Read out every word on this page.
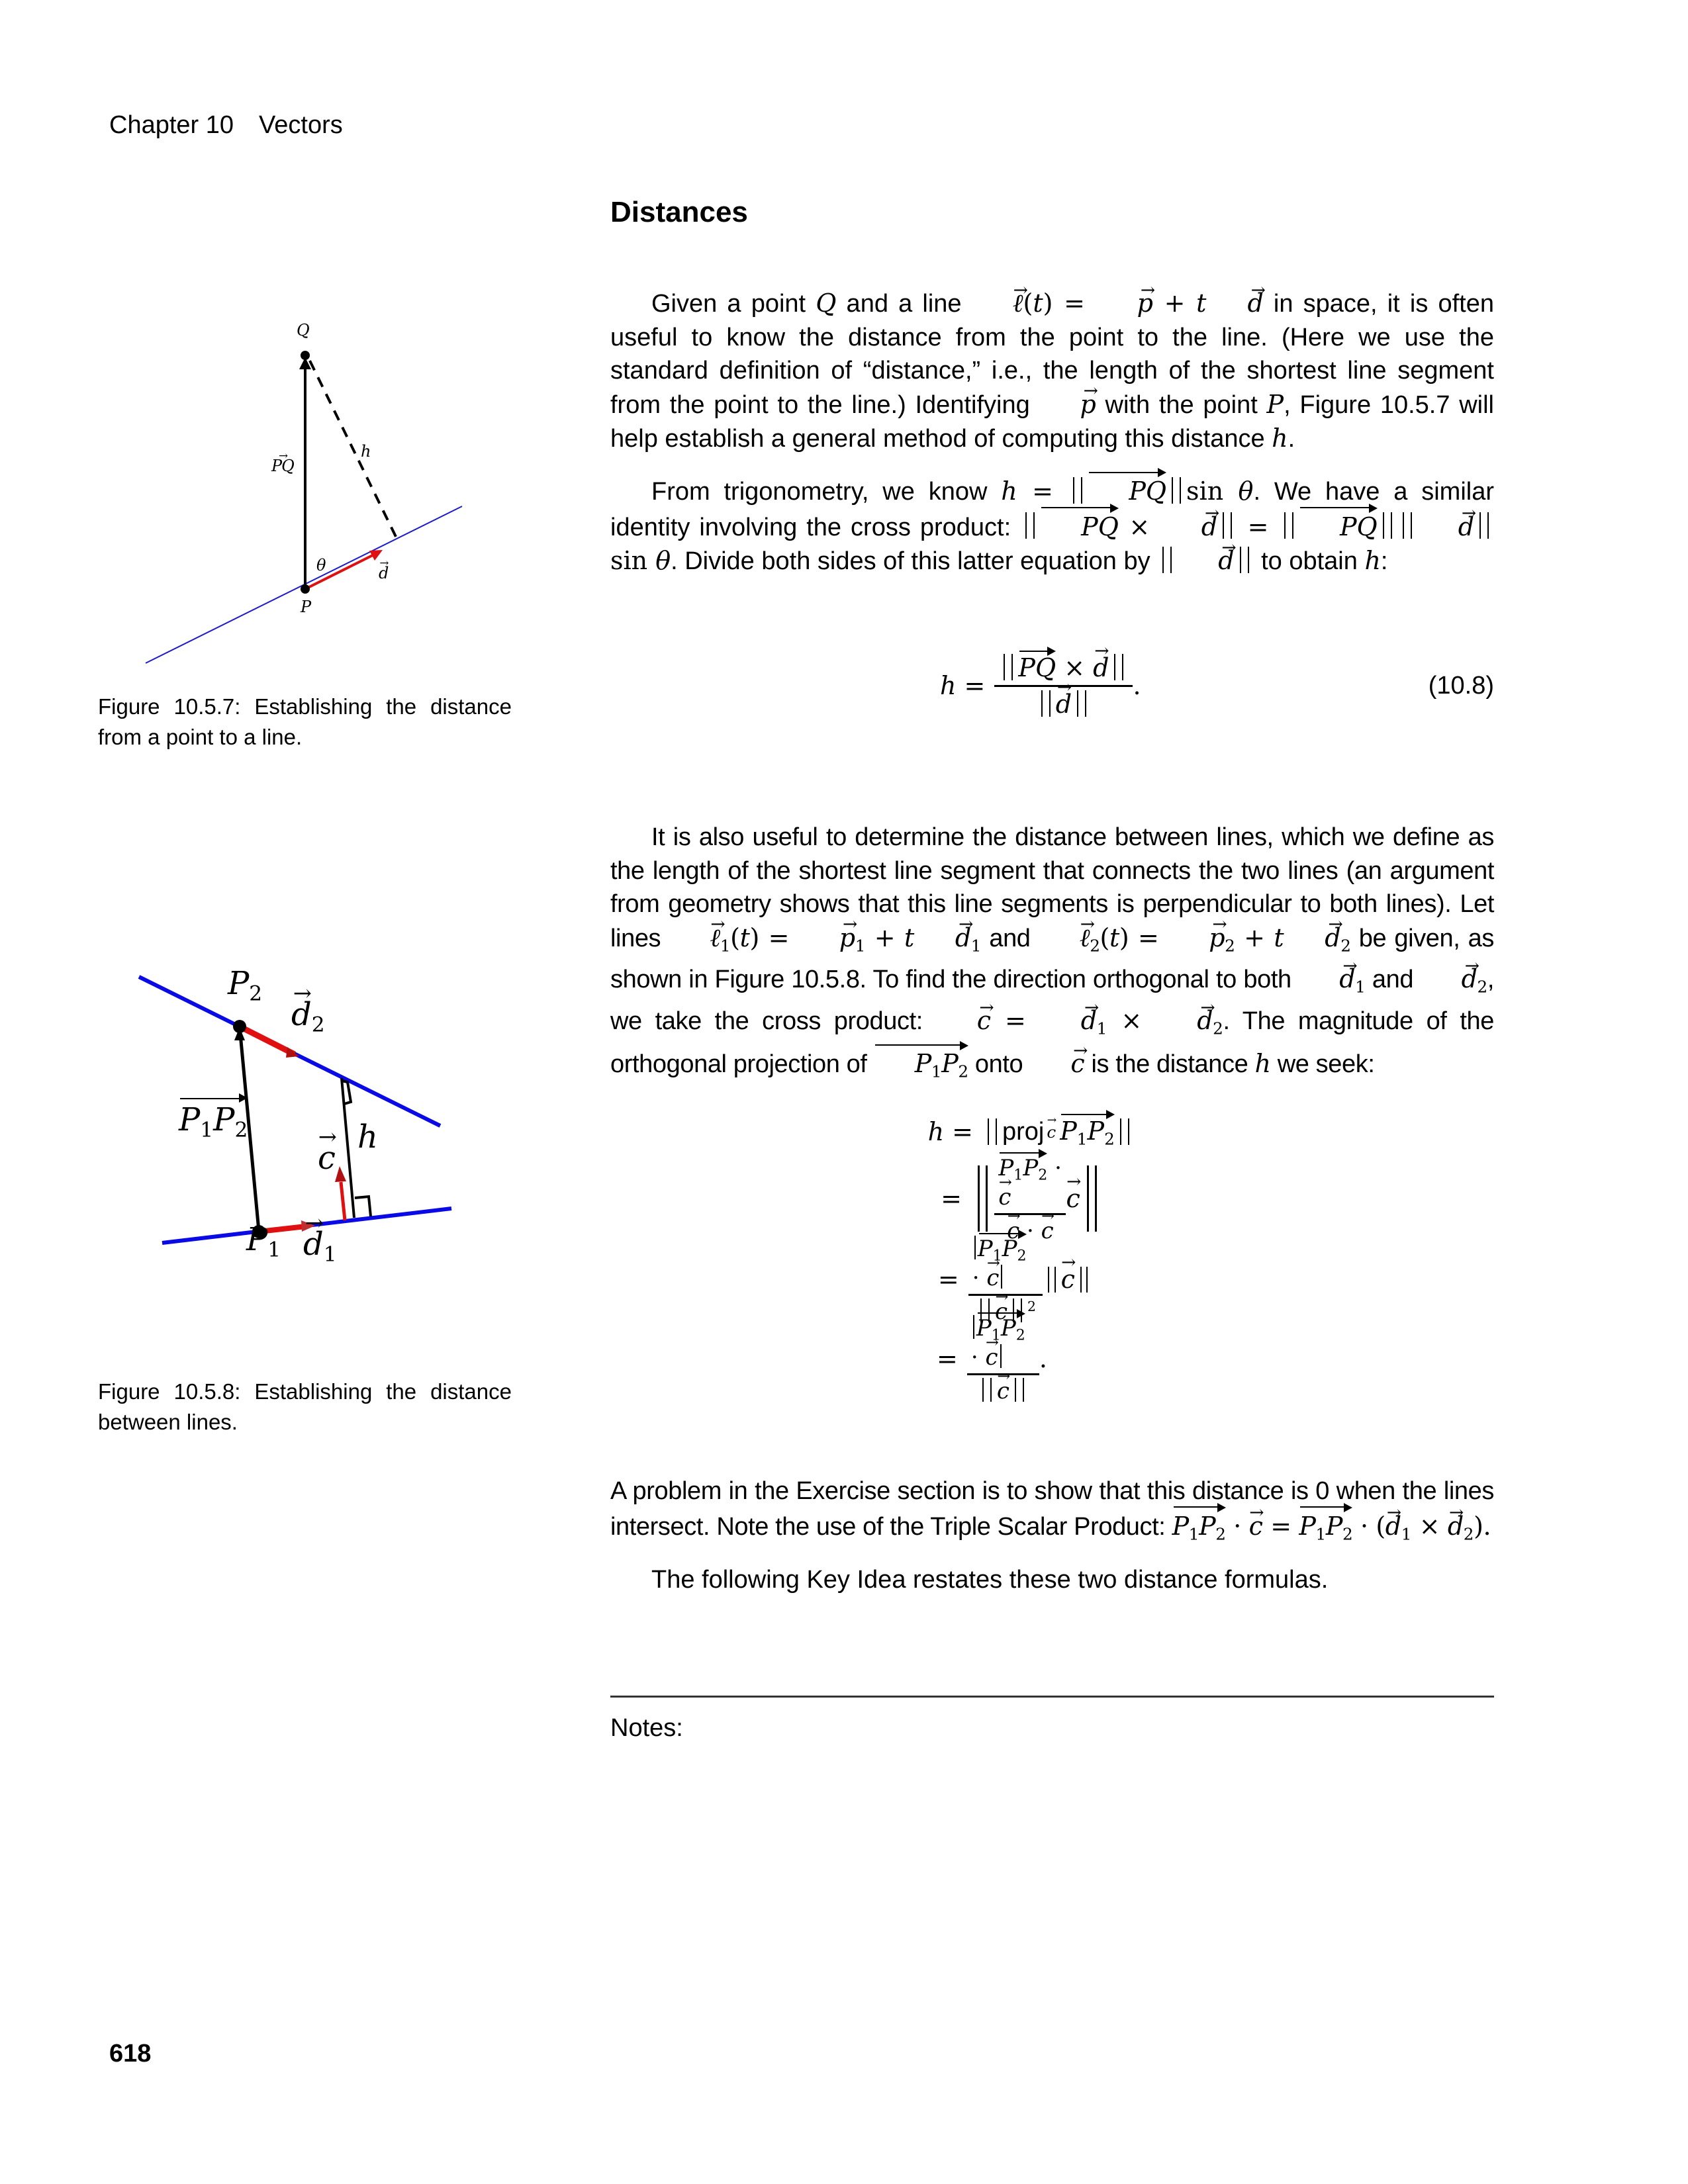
Chapter 10 Vectors
Distances
Q
P
→ PQ
h
θ	→ d
Figure 10.5.7: Establishing the distance from a point to a line.
Given a point Q and a line → ℓ(t) = → p + t → d in space, it is often useful to know the distance from the point to the line. (Here we use the standard definition of “distance,” i.e., the length of the shortest line segment from the point to the line.) Identifying → p with the point P, Figure 10.5.7 will help establish a general method of computing this distance h.
From trigonometry, we know h = PQ sin θ. We have a similar identity involving the cross product: PQ × → d = PQ	→ dsin θ. Divide both sides of this latter equation by → d to obtain h:
h = PQ × → d
→ d .	(10.8)
It is also useful to determine the distance between lines, which we define as the length of the shortest line segment that connects the two lines (an argument from geometry shows that this line segments is perpendicular to both lines). Let lines → ℓ$_1$(t) = → $p_1 + t \to d_1$ and → ℓ$_2$(t) = → $p_2 + t \to d_2$ be given, as shown in Figure 10.5.8. To find the direction orthogonal to both → $d_1$ and → $d_2$, we take the cross product: → c = → $d_1$ × → $d_2$. The magnitude of the orthogonal projection of $P_1P_2$ onto → c is the distance h we seek:
$P_2$
→ $d_2$
$P_1P_2$
→ c
h
$P_1 \to d_1$
Figure 10.5.8: Establishing the distance between lines.
h =	proj → c $P_1P_2$
=	$P_1P_2$ · → c
→ c · → c → c
= $P_1P_2$ · → c
→ c $^2$ → c
= $P_1P_2$ · → c
→ c .
A problem in the Exercise section is to show that this distance is 0 when the lines intersect. Note the use of the Triple Scalar Product: $P_1P_2$ · → $c = P_1P_2$ · (→ $d_1$ × → $d_2$).
The following Key Idea restates these two distance formulas.
Notes:
618
